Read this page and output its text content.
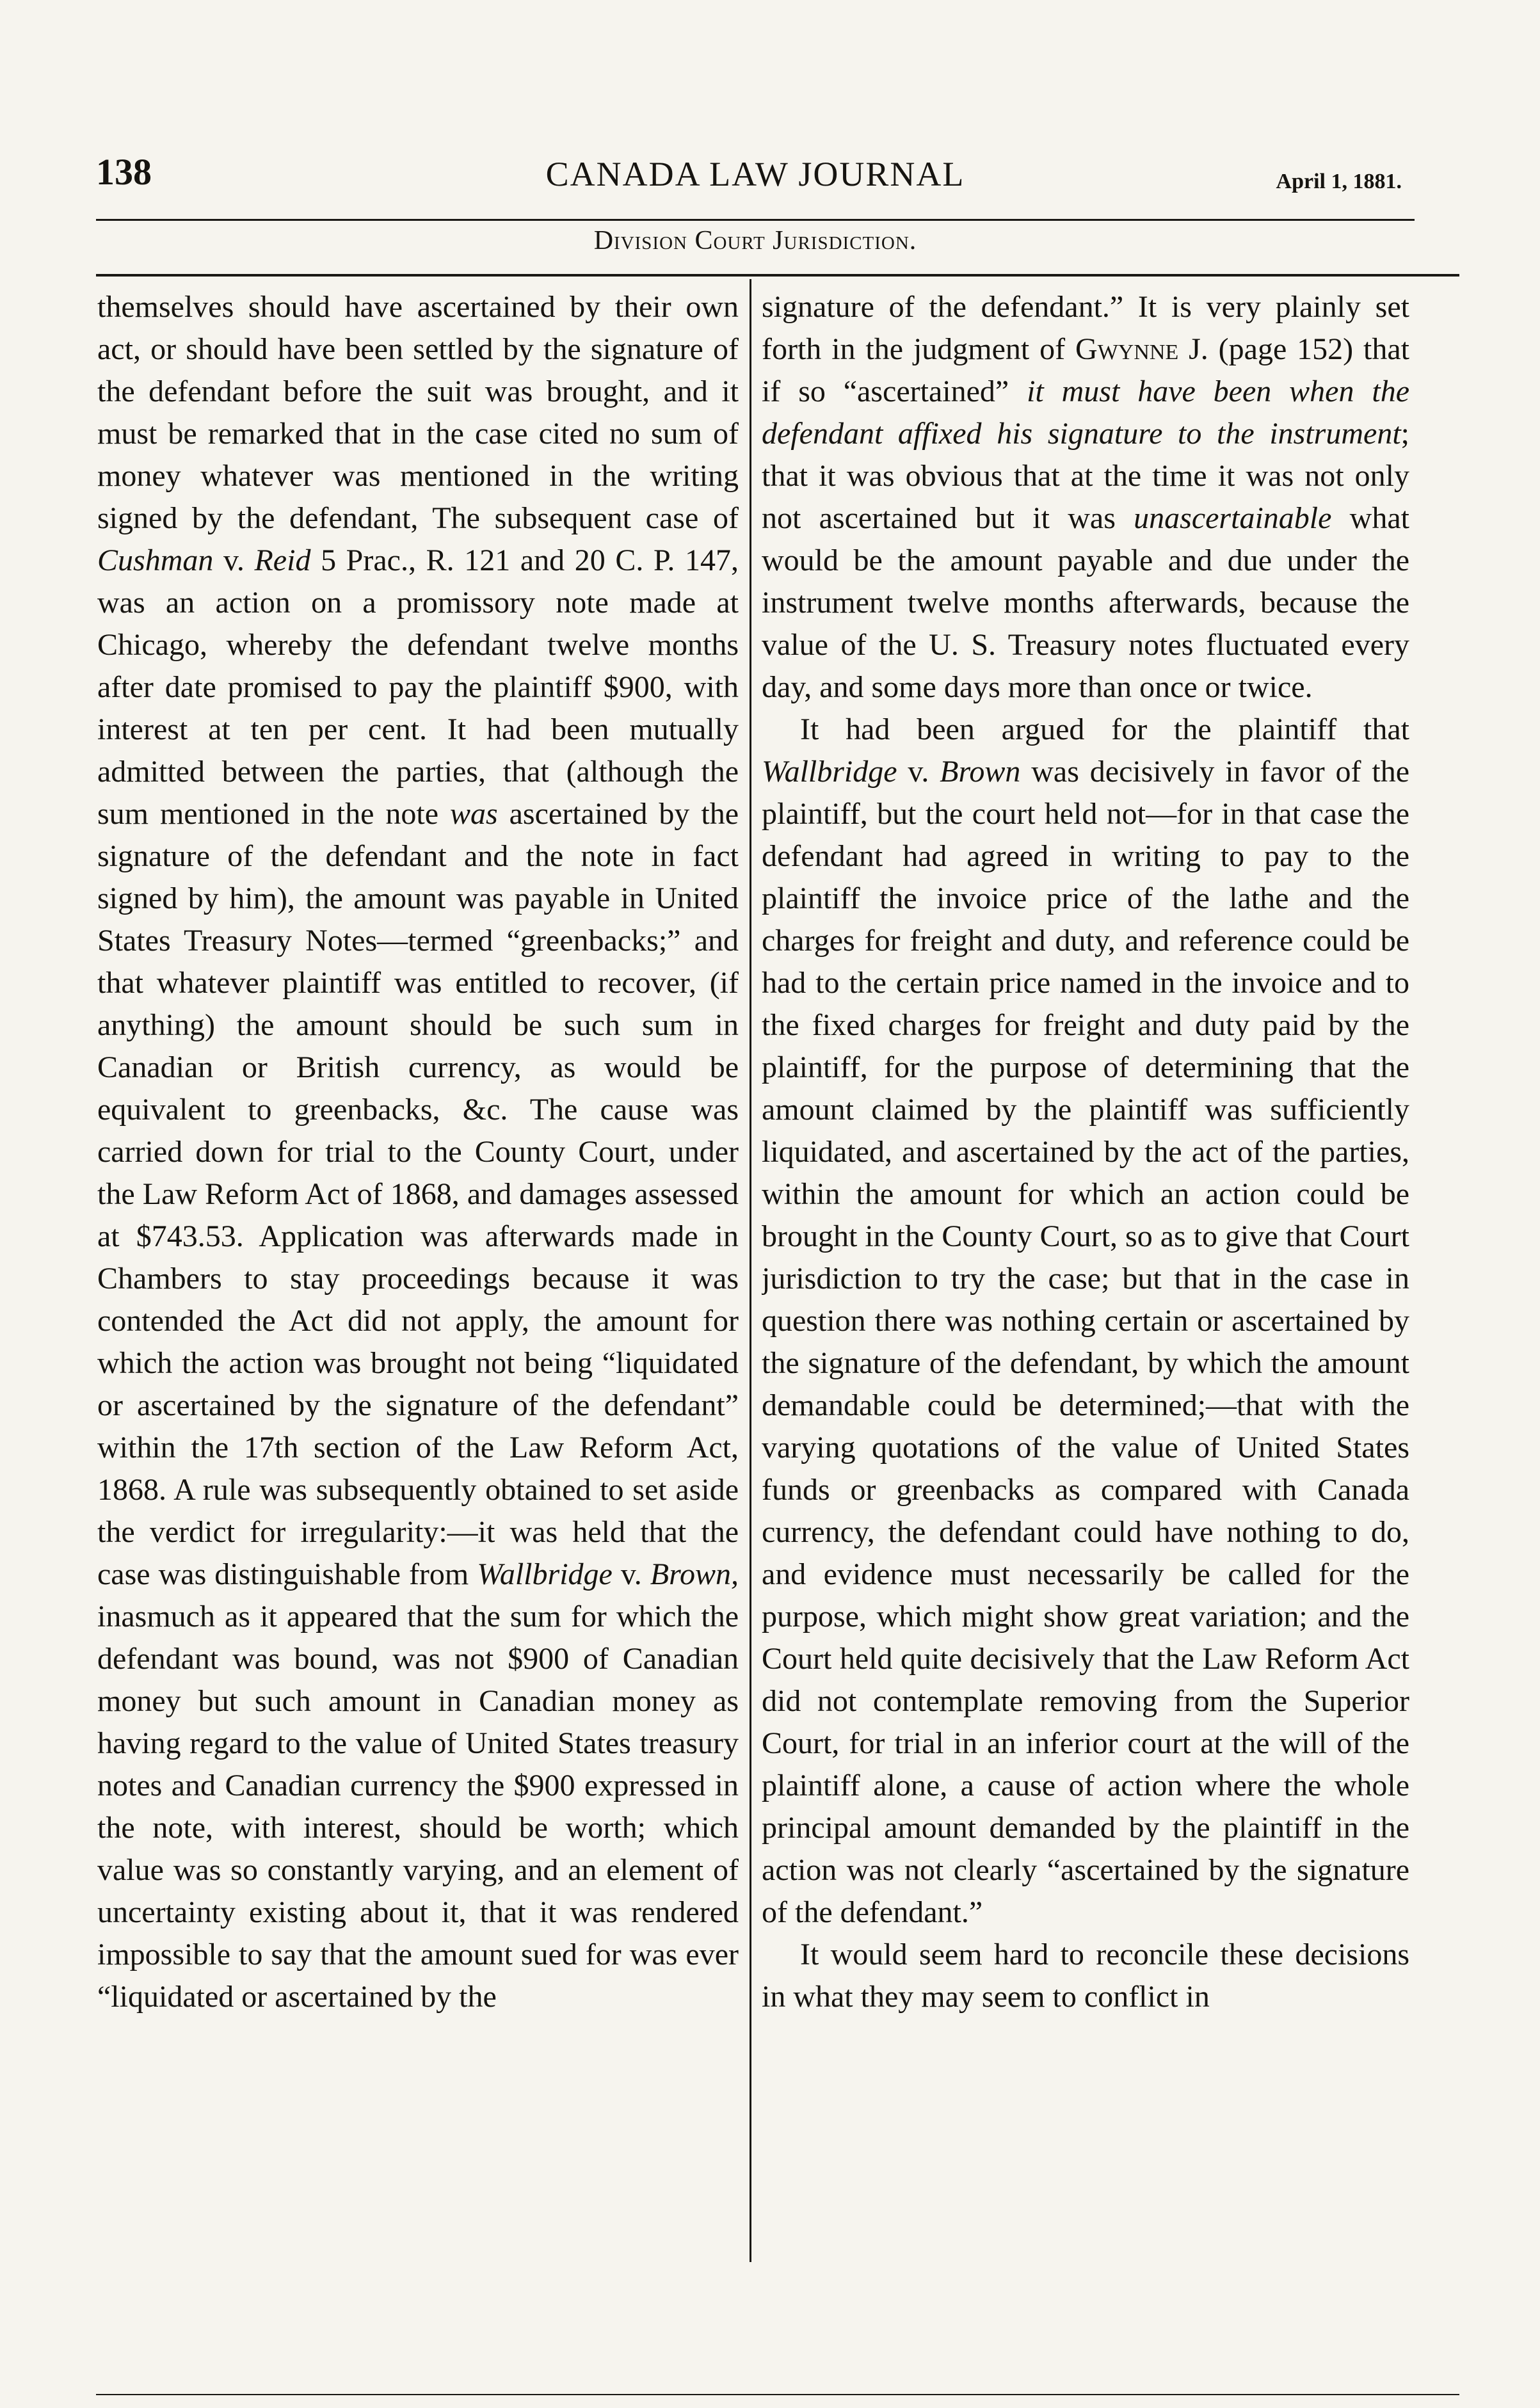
138	CANADA LAW JOURNAL	April 1, 1881.
Division Court Jurisdiction.

themselves should have ascertained by their own act, or should have been settled by the signature of the defendant before the suit was brought, and it must be remarked that in the case cited no sum of money whatever was mentioned in the writing signed by the defendant, The subsequent case of Cushman v. Reid 5 Prac., R. 121 and 20 C. P. 147, was an action on a promissory note made at Chicago, whereby the defendant twelve months after date promised to pay the plaintiff $900, with interest at ten per cent. It had been mutually admitted between the parties, that (although the sum mentioned in the note was ascertained by the signature of the defendant and the note in fact signed by him), the amount was payable in United States Treasury Notes—termed “greenbacks;” and that whatever plaintiff was entitled to recover, (if anything) the amount should be such sum in Canadian or British currency, as would be equivalent to greenbacks, &c. The cause was carried down for trial to the County Court, under the Law Reform Act of 1868, and damages assessed at $743.53. Application was afterwards made in Chambers to stay proceedings because it was contended the Act did not apply, the amount for which the action was brought not being “liquidated or ascertained by the signature of the defendant” within the 17th section of the Law Reform Act, 1868. A rule was subsequently obtained to set aside the verdict for irregularity:—it was held that the case was distinguishable from Wallbridge v. Brown, inasmuch as it appeared that the sum for which the defendant was bound, was not $900 of Canadian money but such amount in Canadian money as having regard to the value of United States treasury notes and Canadian currency the $900 expressed in the note, with interest, should be worth; which value was so constantly varying, and an element of uncertainty existing about it, that it was rendered impossible to say that the amount sued for was ever “liquidated or ascertained by the

signature of the defendant.” It is very plainly set forth in the judgment of Gwynne J. (page 152) that if so “ascertained” it must have been when the defendant affixed his signature to the instrument; that it was obvious that at the time it was not only not ascertained but it was unascertainable what would be the amount payable and due under the instrument twelve months afterwards, because the value of the U. S. Treasury notes fluctuated every day, and some days more than once or twice.

It had been argued for the plaintiff that Wallbridge v. Brown was decisively in favor of the plaintiff, but the court held not—for in that case the defendant had agreed in writing to pay to the plaintiff the invoice price of the lathe and the charges for freight and duty, and reference could be had to the certain price named in the invoice and to the fixed charges for freight and duty paid by the plaintiff, for the purpose of determining that the amount claimed by the plaintiff was sufficiently liquidated, and ascertained by the act of the parties, within the amount for which an action could be brought in the County Court, so as to give that Court jurisdiction to try the case; but that in the case in question there was nothing certain or ascertained by the signature of the defendant, by which the amount demandable could be determined;—that with the varying quotations of the value of United States funds or greenbacks as compared with Canada currency, the defendant could have nothing to do, and evidence must necessarily be called for the purpose, which might show great variation; and the Court held quite decisively that the Law Reform Act did not contemplate removing from the Superior Court, for trial in an inferior court at the will of the plaintiff alone, a cause of action where the whole principal amount demanded by the plaintiff in the action was not clearly “ascertained by the signature of the defendant.”

It would seem hard to reconcile these decisions in what they may seem to conflict in
